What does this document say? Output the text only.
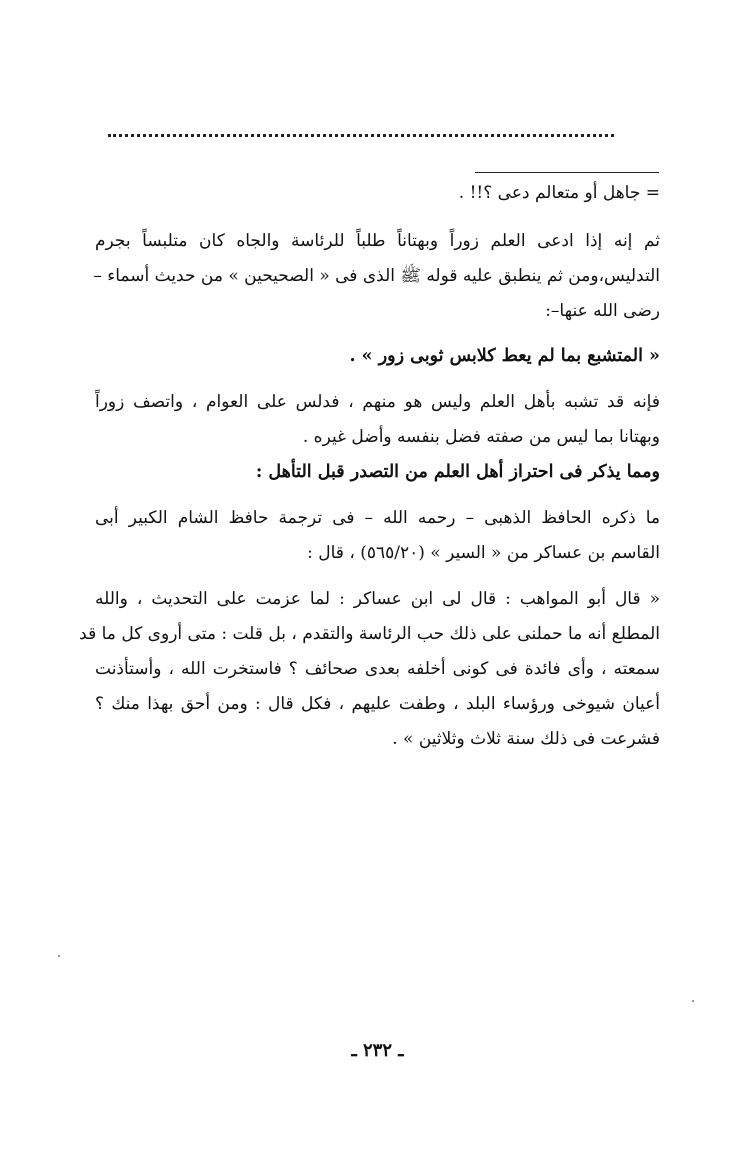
= جاهل أو متعالم دعى ؟!! .
ثم إنه إذا ادعى العلم زوراً وبهتاناً طلباً للرئاسة والجاه كان متلبساً بجرم
التدليس،ومن ثم ينطبق عليه قوله ﷺ الذى فى « الصحيحين » من حديث أسماء –
رضى الله عنها–:
« المتشبع بما لم يعط كلابس ثوبى زور » .
فإنه قد تشبه بأهل العلم وليس هو منهم ، فدلس على العوام ، واتصف زوراً
وبهتانا بما ليس من صفته فضل بنفسه وأضل غيره .
ومما يذكر فى احتراز أهل العلم من التصدر قبل التأهل :
ما ذكره الحافظ الذهبى – رحمه الله – فى ترجمة حافظ الشام الكبير أبى
القاسم بن عساكر من « السير » (٥٦٥/٢٠) ، قال :
« قال أبو المواهب : قال لى ابن عساكر : لما عزمت على التحديث ، والله
المطلع أنه ما حملنى على ذلك حب الرئاسة والتقدم ، بل قلت : متى أروى كل ما قد
سمعته ، وأى فائدة فى كونى أخلفه بعدى صحائف ؟ فاستخرت الله ، وأستأذنت
أعيان شيوخى ورؤساء البلد ، وطفت عليهم ، فكل قال : ومن أحق بهذا منك ؟
فشرعت فى ذلك سنة ثلاث وثلاثين » .
ـ ٢٣٢ ـ
